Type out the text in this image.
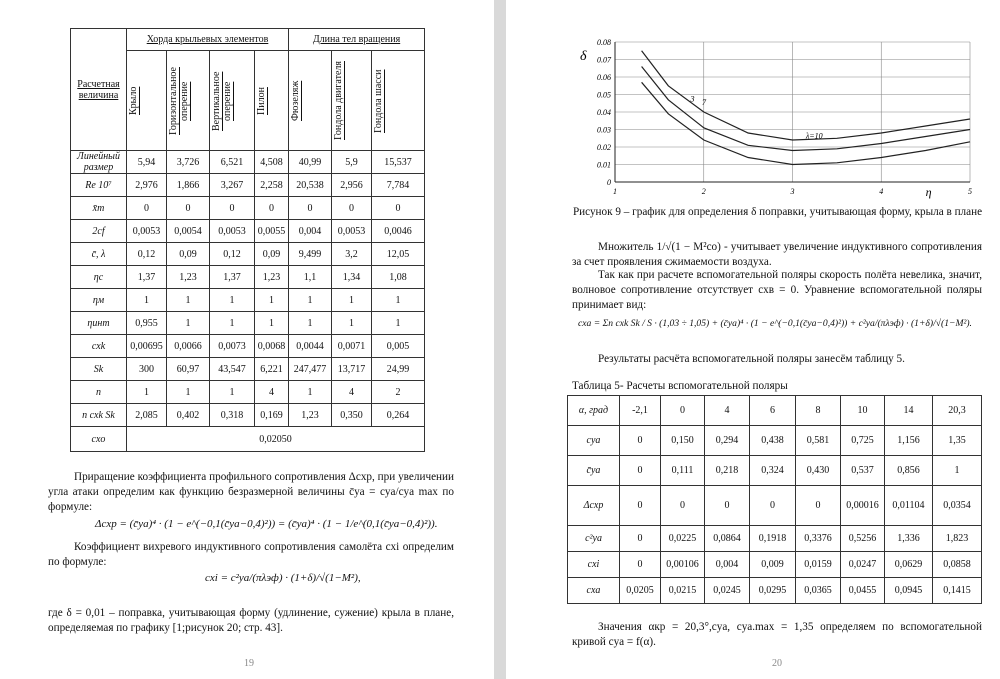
Расчетная величина	Хорда крыльевых элементов				Длина тел вращения		

	Крыло	Горизонтальное оперение	Вертикальное оперение	Пилон	Фюзеляж	Гондола двигателя	Гондола шасси

Линейный размер	5,94	3,726	6,521	4,508	40,99	5,9	15,537
Re 10⁷	2,976	1,866	3,267	2,258	20,538	2,956	7,784
x̄т	0	0	0	0	0	0	0
2cf	0,0053	0,0054	0,0053	0,0055	0,004	0,0053	0,0046
c̄, λ	0,12	0,09	0,12	0,09	9,499	3,2	12,05
ηc	1,37	1,23	1,37	1,23	1,1	1,34	1,08
ηм	1	1	1	1	1	1	1
ηинт	0,955	1	1	1	1	1	1
cxk	0,00695	0,0066	0,0073	0,0068	0,0044	0,0071	0,005
Sk	300	60,97	43,547	6,221	247,477	13,717	24,99
n	1	1	1	4	1	4	2
n cxk Sk	2,085	0,402	0,318	0,169	1,23	0,350	0,264
cxo	0,02050						
Приращение коэффициента профильного сопротивления Δcxp, при увеличении угла атаки определим как функцию безразмерной величины c̄ya = cya/cya max по формуле:
Δcxp = (c̄ya)⁴ · (1 − e^(−0,1(c̄ya−0,4)²)) = (c̄ya)⁴ · (1 − 1/e^(0,1(c̄ya−0,4)²)).
Коэффициент вихревого индуктивного сопротивления самолёта cxi определим по формуле:
cxi = c²ya/(πλэф) · (1+δ)/√(1−M²),
где δ = 0,01 – поправка, учитывающая форму (удлинение, сужение) крыла в плане, определяемая по графику [1;рисунок 20; стр. 43].
19
0
0.01
0.02
0.03
0.04
0.05
0.06
0.07
0.08
1	2	3	4	5
δ
η
3 7
λ=10
Рисунок 9 – график для определения δ поправки, учитывающая форму, крыла в плане
Множитель 1/√(1 − M²co) - учитывает увеличение индуктивного сопротивления за счет проявления сжимаемости воздуха.
Так как при расчете вспомогательной поляры скорость полёта невелика, значит, волновое сопротивление отсутствует cxв = 0. Уравнение вспомогательной поляры принимает вид:
cxa = Σn cxk Sk / S · (1,03 ÷ 1,05) + (c̄ya)⁴ · (1 − e^(−0,1(c̄ya−0,4)²)) + c²ya/(πλэф) · (1+δ)/√(1−M²).
Результаты расчёта вспомогательной поляры занесём таблицу 5.
Таблица 5- Расчеты вспомогательной поляры
α, град	-2,1	0	4	6	8	10	14	20,3
cya	0	0,150	0,294	0,438	0,581	0,725	1,156	1,35
c̄ya	0	0,111	0,218	0,324	0,430	0,537	0,856	1
Δcxp	0	0	0	0	0	0,00016	0,01104	0,0354
c²ya	0	0,0225	0,0864	0,1918	0,3376	0,5256	1,336	1,823
cxi	0	0,00106	0,004	0,009	0,0159	0,0247	0,0629	0,0858
cxa	0,0205	0,0215	0,0245	0,0295	0,0365	0,0455	0,0945	0,1415
Значения αкр = 20,3°,cya, cya.max = 1,35 определяем по вспомогательной кривой cya = f(α).
20
